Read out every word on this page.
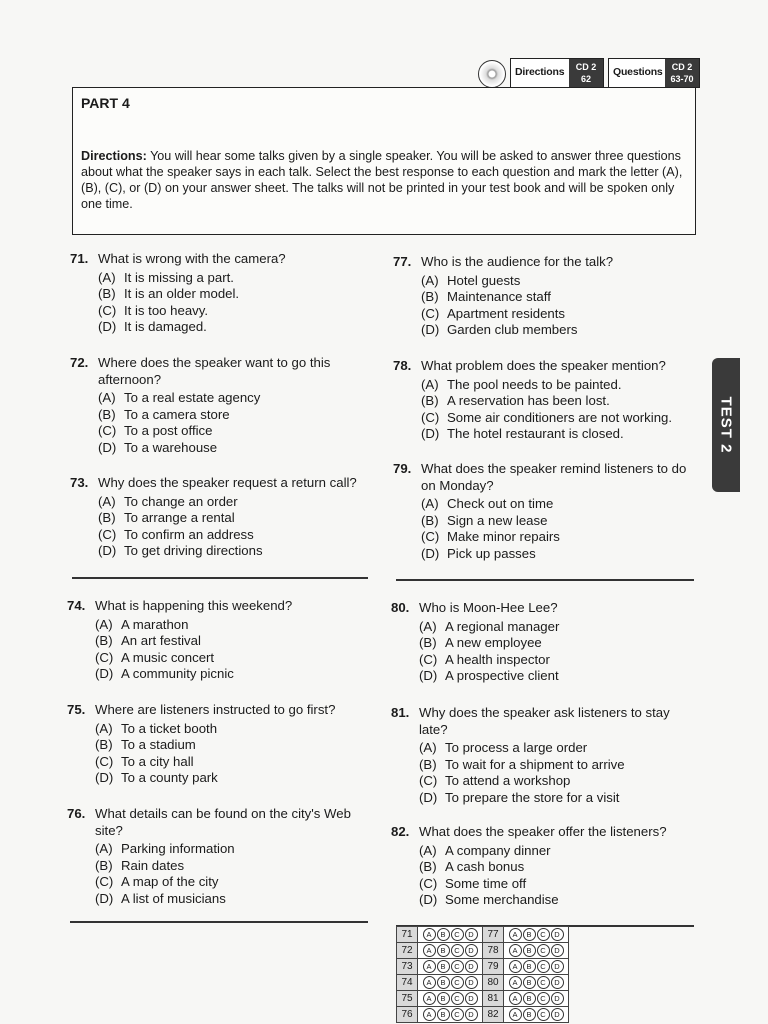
Directions	CD 2
62
Questions	CD 2
63-70
PART 4
Directions: You will hear some talks given by a single speaker. You will be asked to answer three questions about what the speaker says in each talk. Select the best response to each question and mark the letter (A), (B), (C), or (D) on your answer sheet. The talks will not be printed in your test book and will be spoken only one time.
TEST 2
71. What is wrong with the camera?
(A) It is missing a part.
(B) It is an older model.
(C) It is too heavy.
(D) It is damaged.
72. Where does the speaker want to go this afternoon?
(A) To a real estate agency
(B) To a camera store
(C) To a post office
(D) To a warehouse
73. Why does the speaker request a return call?
(A) To change an order
(B) To arrange a rental
(C) To confirm an address
(D) To get driving directions
74. What is happening this weekend?
(A) A marathon
(B) An art festival
(C) A music concert
(D) A community picnic
75. Where are listeners instructed to go first?
(A) To a ticket booth
(B) To a stadium
(C) To a city hall
(D) To a county park
76. What details can be found on the city's Web site?
(A) Parking information
(B) Rain dates
(C) A map of the city
(D) A list of musicians
77. Who is the audience for the talk?
(A) Hotel guests
(B) Maintenance staff
(C) Apartment residents
(D) Garden club members
78. What problem does the speaker mention?
(A) The pool needs to be painted.
(B) A reservation has been lost.
(C) Some air conditioners are not working.
(D) The hotel restaurant is closed.
79. What does the speaker remind listeners to do on Monday?
(A) Check out on time
(B) Sign a new lease
(C) Make minor repairs
(D) Pick up passes
80. Who is Moon-Hee Lee?
(A) A regional manager
(B) A new employee
(C) A health inspector
(D) A prospective client
81. Why does the speaker ask listeners to stay late?
(A) To process a large order
(B) To wait for a shipment to arrive
(C) To attend a workshop
(D) To prepare the store for a visit
82. What does the speaker offer the listeners?
(A) A company dinner
(B) A cash bonus
(C) Some time off
(D) Some merchandise
71	A B C D	77	A B C D
72	A B C D	78	A B C D
73	A B C D	79	A B C D
74	A B C D	80	A B C D
75	A B C D	81	A B C D
76	A B C D	82	A B C D
